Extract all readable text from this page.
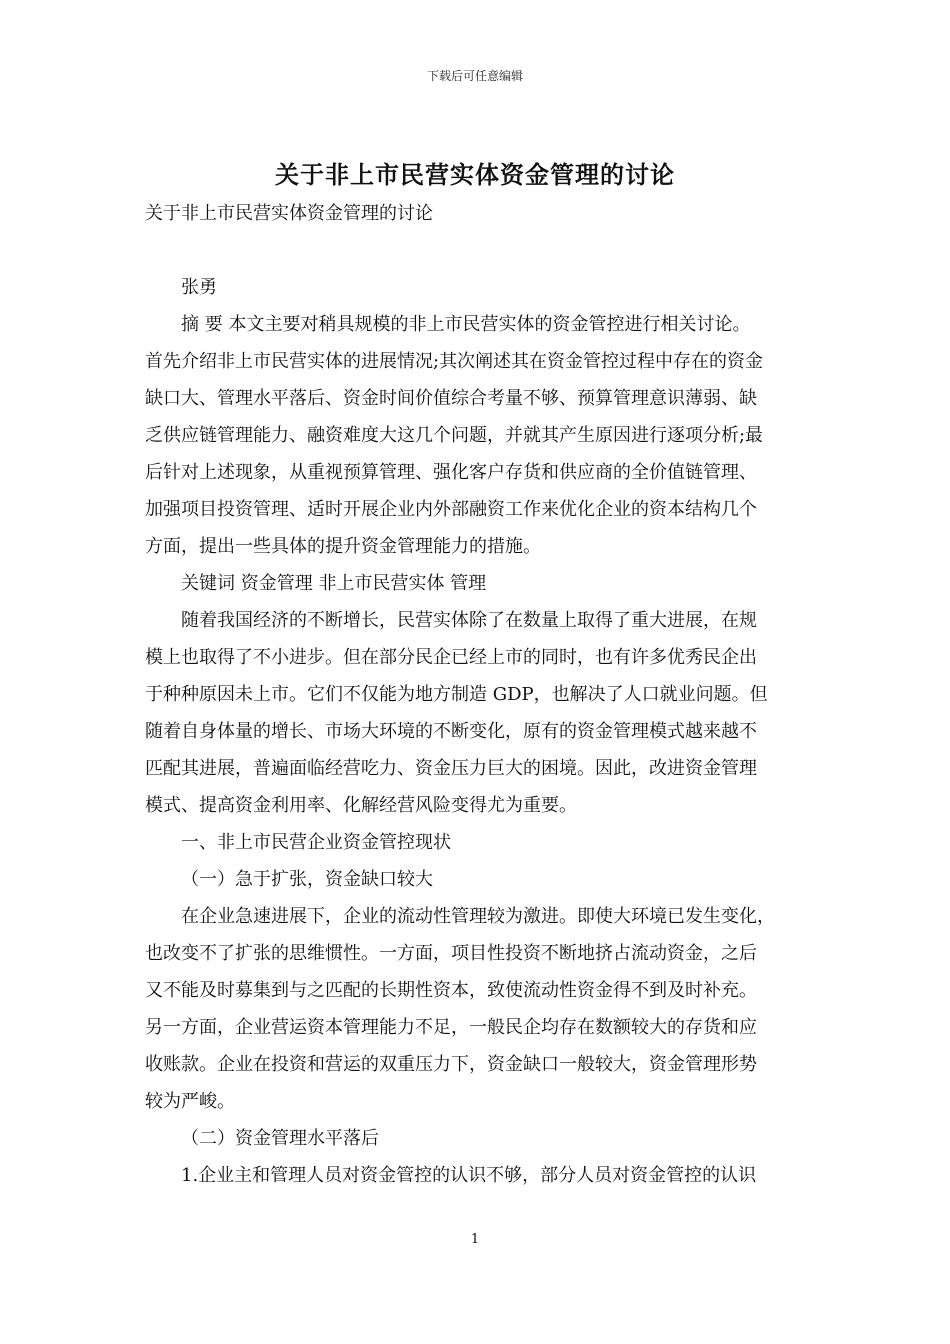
下载后可任意编辑
关于非上市民营实体资金管理的讨论
关于非上市民营实体资金管理的讨论
张勇
摘 要 本文主要对稍具规模的非上市民营实体的资金管控进行相关讨论。
首先介绍非上市民营实体的进展情况;其次阐述其在资金管控过程中存在的资金
缺口大、管理水平落后、资金时间价值综合考量不够、预算管理意识薄弱、缺
乏供应链管理能力、融资难度大这几个问题，并就其产生原因进行逐项分析;最
后针对上述现象，从重视预算管理、强化客户存货和供应商的全价值链管理、
加强项目投资管理、适时开展企业内外部融资工作来优化企业的资本结构几个
方面，提出一些具体的提升资金管理能力的措施。
关键词 资金管理 非上市民营实体 管理
随着我国经济的不断增长，民营实体除了在数量上取得了重大进展，在规
模上也取得了不小进步。但在部分民企已经上市的同时，也有许多优秀民企出
于种种原因未上市。它们不仅能为地方制造 GDP，也解决了人口就业问题。但
随着自身体量的增长、市场大环境的不断变化，原有的资金管理模式越来越不
匹配其进展，普遍面临经营吃力、资金压力巨大的困境。因此，改进资金管理
模式、提高资金利用率、化解经营风险变得尤为重要。
一、非上市民营企业资金管控现状
（一）急于扩张，资金缺口较大
在企业急速进展下，企业的流动性管理较为激进。即使大环境已发生变化，
也改变不了扩张的思维惯性。一方面，项目性投资不断地挤占流动资金，之后
又不能及时募集到与之匹配的长期性资本，致使流动性资金得不到及时补充。
另一方面，企业营运资本管理能力不足，一般民企均存在数额较大的存货和应
收账款。企业在投资和营运的双重压力下，资金缺口一般较大，资金管理形势
较为严峻。
（二）资金管理水平落后
1.企业主和管理人员对资金管控的认识不够，部分人员对资金管控的认识
1
